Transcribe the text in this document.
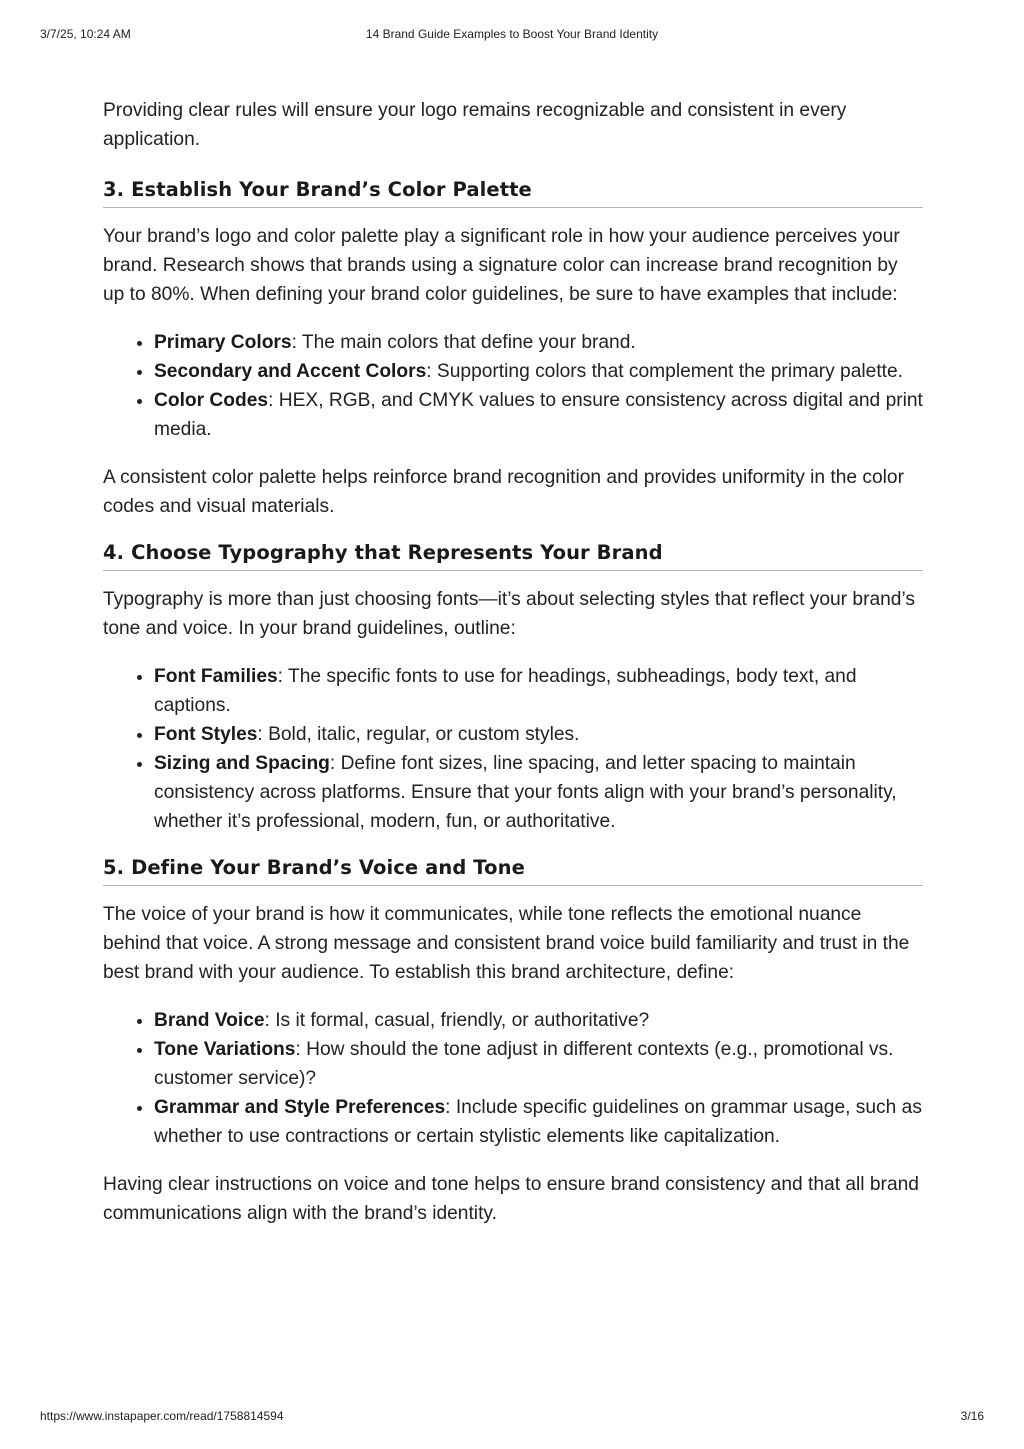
3/7/25, 10:24 AM	14 Brand Guide Examples to Boost Your Brand Identity

Providing clear rules will ensure your logo remains recognizable and consistent in every application.

3. Establish Your Brand’s Color Palette

Your brand’s logo and color palette play a significant role in how your audience perceives your brand. Research shows that brands using a signature color can increase brand recognition by up to 80%. When defining your brand color guidelines, be sure to have examples that include:

• Primary Colors: The main colors that define your brand.
• Secondary and Accent Colors: Supporting colors that complement the primary palette.
• Color Codes: HEX, RGB, and CMYK values to ensure consistency across digital and print media.

A consistent color palette helps reinforce brand recognition and provides uniformity in the color codes and visual materials.

4. Choose Typography that Represents Your Brand

Typography is more than just choosing fonts—it’s about selecting styles that reflect your brand’s tone and voice. In your brand guidelines, outline:

• Font Families: The specific fonts to use for headings, subheadings, body text, and captions.
• Font Styles: Bold, italic, regular, or custom styles.
• Sizing and Spacing: Define font sizes, line spacing, and letter spacing to maintain consistency across platforms. Ensure that your fonts align with your brand’s personality, whether it’s professional, modern, fun, or authoritative.
5. Define Your Brand’s Voice and Tone

The voice of your brand is how it communicates, while tone reflects the emotional nuance behind that voice. A strong message and consistent brand voice build familiarity and trust in the best brand with your audience. To establish this brand architecture, define:

• Brand Voice: Is it formal, casual, friendly, or authoritative?
• Tone Variations: How should the tone adjust in different contexts (e.g., promotional vs. customer service)?
• Grammar and Style Preferences: Include specific guidelines on grammar usage, such as whether to use contractions or certain stylistic elements like capitalization.

Having clear instructions on voice and tone helps to ensure brand consistency and that all brand communications align with the brand’s identity.

https://www.instapaper.com/read/1758814594	3/16
